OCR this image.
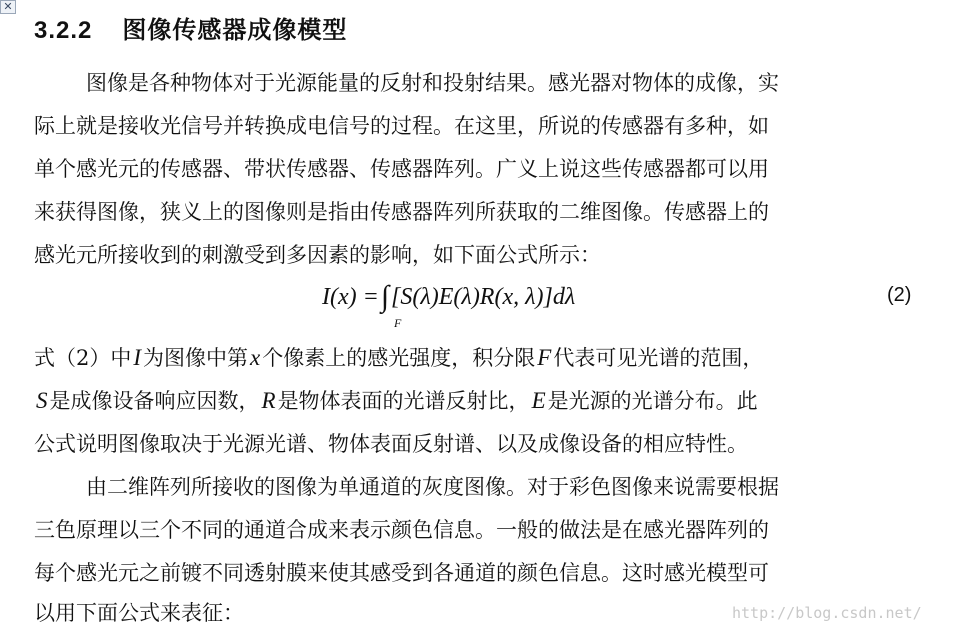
✕
3.2.2 图像传感器成像模型
图像是各种物体对于光源能量的反射和投射结果。感光器对物体的成像，实
际上就是接收光信号并转换成电信号的过程。在这里，所说的传感器有多种，如
单个感光元的传感器、带状传感器、传感器阵列。广义上说这些传感器都可以用
来获得图像，狭义上的图像则是指由传感器阵列所获取的二维图像。传感器上的
感光元所接收到的刺激受到多因素的影响，如下面公式所示：
I(x) =∫[S(λ)E(λ)R(x, λ)]dλ
F
(2)
式（2）中I为图像中第x个像素上的感光强度，积分限F代表可见光谱的范围，
S是成像设备响应因数，R是物体表面的光谱反射比，E是光源的光谱分布。此
公式说明图像取决于光源光谱、物体表面反射谱、以及成像设备的相应特性。
由二维阵列所接收的图像为单通道的灰度图像。对于彩色图像来说需要根据
三色原理以三个不同的通道合成来表示颜色信息。一般的做法是在感光器阵列的
每个感光元之前镀不同透射膜来使其感受到各通道的颜色信息。这时感光模型可
以用下面公式来表征：	http://blog.csdn.net/
